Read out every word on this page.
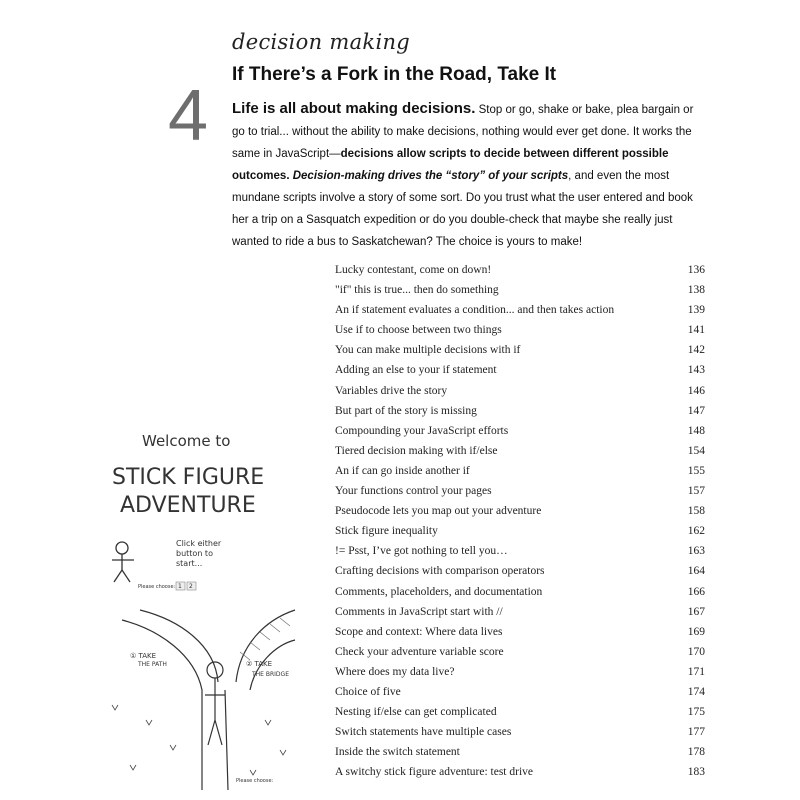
decision making
If There’s a Fork in the Road, Take It
4 Life is all about making decisions. Stop or go, shake or bake, plea bargain or go to trial... without the ability to make decisions, nothing would ever get done. It works the same in JavaScript—decisions allow scripts to decide between different possible outcomes. Decision-making drives the “story” of your scripts, and even the most mundane scripts involve a story of some sort. Do you trust what the user entered and book her a trip on a Sasquatch expedition or do you double-check that maybe she really just wanted to ride a bus to Saskatchewan? The choice is yours to make!
Lucky contestant, come on down!	136
"if" this is true... then do something	138
An if statement evaluates a condition... and then takes action	139
Use if to choose between two things	141
You can make multiple decisions with if	142
Adding an else to your if statement	143
Variables drive the story	146
But part of the story is missing	147
Compounding your JavaScript efforts	148
Tiered decision making with if/else	154
An if can go inside another if	155
Your functions control your pages	157
Pseudocode lets you map out your adventure	158
Stick figure inequality	162
!= Psst, I’ve got nothing to tell you…	163
Crafting decisions with comparison operators	164
Comments, placeholders, and documentation	166
Comments in JavaScript start with //	167
Scope and context: Where data lives	169
Check your adventure variable score	170
Where does my data live?	171
Choice of five	174
Nesting if/else can get complicated	175
Switch statements have multiple cases	177
Inside the switch statement	178
A switchy stick figure adventure: test drive	183
Welcome to
STICK FIGURE
ADVENTURE
Click either
button to
start...
Please choose: 1 2
① TAKE
THE PATH	② TAKE
THE BRIDGE
Please choose:
